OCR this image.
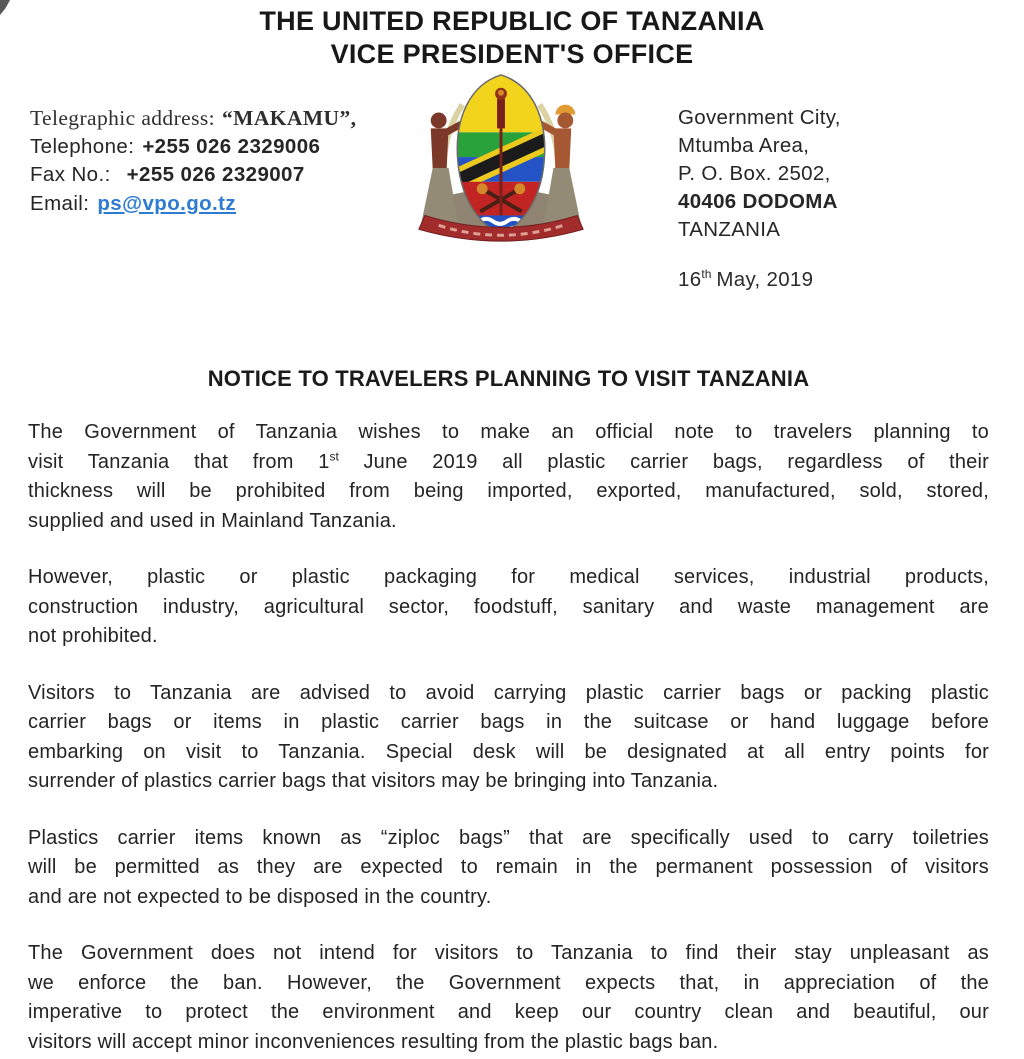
THE UNITED REPUBLIC OF TANZANIA
VICE PRESIDENT'S OFFICE
Telegraphic address: “MAKAMU”,
Telephone: +255 026 2329006
Fax No.: +255 026 2329007
Email: ps@vpo.go.tz
Government City,
Mtumba Area,
P. O. Box. 2502,
40406 DODOMA
TANZANIA
16th May, 2019
NOTICE TO TRAVELERS PLANNING TO VISIT TANZANIA
The Government of Tanzania wishes to make an official note to travelers planning to
visit Tanzania that from 1st June 2019 all plastic carrier bags, regardless of their
thickness will be prohibited from being imported, exported, manufactured, sold, stored,
supplied and used in Mainland Tanzania.
However, plastic or plastic packaging for medical services, industrial products,
construction industry, agricultural sector, foodstuff, sanitary and waste management are
not prohibited.
Visitors to Tanzania are advised to avoid carrying plastic carrier bags or packing plastic
carrier bags or items in plastic carrier bags in the suitcase or hand luggage before
embarking on visit to Tanzania. Special desk will be designated at all entry points for
surrender of plastics carrier bags that visitors may be bringing into Tanzania.
Plastics carrier items known as “ziploc bags” that are specifically used to carry toiletries
will be permitted as they are expected to remain in the permanent possession of visitors
and are not expected to be disposed in the country.
The Government does not intend for visitors to Tanzania to find their stay unpleasant as
we enforce the ban. However, the Government expects that, in appreciation of the
imperative to protect the environment and keep our country clean and beautiful, our
visitors will accept minor inconveniences resulting from the plastic bags ban.
